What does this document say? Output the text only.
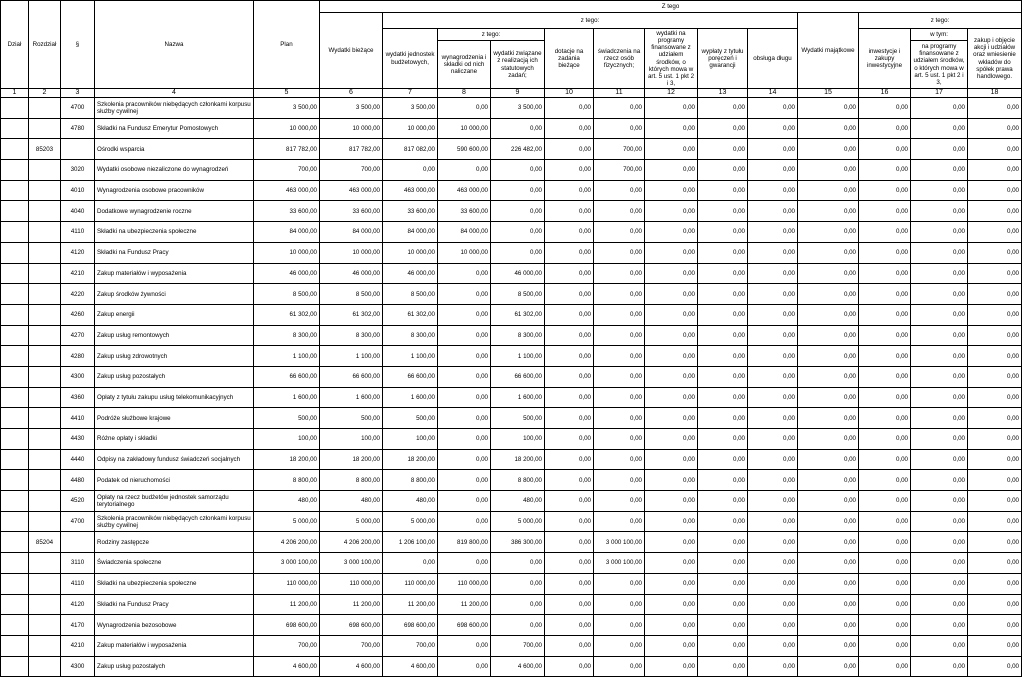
Dział	Rozdział	§	Nazwa	Plan	Z tego												
					Wydatki bieżące	z tego:								Wydatki majątkowe	z tego:		
						wydatki jednostek budżetowych,	z tego:		dotacje na zadania bieżące	świadczenia na rzecz osób fizycznych;	wydatki na programy finansowane z udziałem środków, o których mowa w art. 5 ust. 1 pkt 2 i 3,	wypłaty z tytułu poręczeń i gwarancji	obsługa długu		inwestycje i zakupy inwestycyjne	w tym:	zakup i objęcie akcji i udziałów oraz wniesienie wkładów do spółek prawa handlowego.
							wynagrodzenia i składki od nich naliczane	wydatki związane z realizacją ich statutowych zadań;								na programy finansowane z udziałem środków, o których mowa w art. 5 ust. 1 pkt 2 i 3,	
1	2	3	4	5	6	7	8	9	10	11	12	13	14	15	16	17	18
		4700	Szkolenia pracowników niebędących członkami korpusu służby cywilnej	3 500,00	3 500,00	3 500,00	0,00	3 500,00	0,00	0,00	0,00	0,00	0,00	0,00	0,00	0,00	0,00
		4780	Składki na Fundusz Emerytur Pomostowych	10 000,00	10 000,00	10 000,00	10 000,00	0,00	0,00	0,00	0,00	0,00	0,00	0,00	0,00	0,00	0,00
	85203		Ośrodki wsparcia	817 782,00	817 782,00	817 082,00	590 600,00	226 482,00	0,00	700,00	0,00	0,00	0,00	0,00	0,00	0,00	0,00
		3020	Wydatki osobowe niezaliczone do wynagrodzeń	700,00	700,00	0,00	0,00	0,00	0,00	700,00	0,00	0,00	0,00	0,00	0,00	0,00	0,00
		4010	Wynagrodzenia osobowe pracowników	463 000,00	463 000,00	463 000,00	463 000,00	0,00	0,00	0,00	0,00	0,00	0,00	0,00	0,00	0,00	0,00
		4040	Dodatkowe wynagrodzenie roczne	33 600,00	33 600,00	33 600,00	33 600,00	0,00	0,00	0,00	0,00	0,00	0,00	0,00	0,00	0,00	0,00
		4110	Składki na ubezpieczenia społeczne	84 000,00	84 000,00	84 000,00	84 000,00	0,00	0,00	0,00	0,00	0,00	0,00	0,00	0,00	0,00	0,00
		4120	Składki na Fundusz Pracy	10 000,00	10 000,00	10 000,00	10 000,00	0,00	0,00	0,00	0,00	0,00	0,00	0,00	0,00	0,00	0,00
		4210	Zakup materiałów i wyposażenia	46 000,00	46 000,00	46 000,00	0,00	46 000,00	0,00	0,00	0,00	0,00	0,00	0,00	0,00	0,00	0,00
		4220	Zakup środków żywności	8 500,00	8 500,00	8 500,00	0,00	8 500,00	0,00	0,00	0,00	0,00	0,00	0,00	0,00	0,00	0,00
		4260	Zakup energii	61 302,00	61 302,00	61 302,00	0,00	61 302,00	0,00	0,00	0,00	0,00	0,00	0,00	0,00	0,00	0,00
		4270	Zakup usług remontowych	8 300,00	8 300,00	8 300,00	0,00	8 300,00	0,00	0,00	0,00	0,00	0,00	0,00	0,00	0,00	0,00
		4280	Zakup usług zdrowotnych	1 100,00	1 100,00	1 100,00	0,00	1 100,00	0,00	0,00	0,00	0,00	0,00	0,00	0,00	0,00	0,00
		4300	Zakup usług pozostałych	66 600,00	66 600,00	66 600,00	0,00	66 600,00	0,00	0,00	0,00	0,00	0,00	0,00	0,00	0,00	0,00
		4360	Opłaty z tytułu zakupu usług telekomunikacyjnych	1 600,00	1 600,00	1 600,00	0,00	1 600,00	0,00	0,00	0,00	0,00	0,00	0,00	0,00	0,00	0,00
		4410	Podróże służbowe krajowe	500,00	500,00	500,00	0,00	500,00	0,00	0,00	0,00	0,00	0,00	0,00	0,00	0,00	0,00
		4430	Różne opłaty i składki	100,00	100,00	100,00	0,00	100,00	0,00	0,00	0,00	0,00	0,00	0,00	0,00	0,00	0,00
		4440	Odpisy na zakładowy fundusz świadczeń socjalnych	18 200,00	18 200,00	18 200,00	0,00	18 200,00	0,00	0,00	0,00	0,00	0,00	0,00	0,00	0,00	0,00
		4480	Podatek od nieruchomości	8 800,00	8 800,00	8 800,00	0,00	8 800,00	0,00	0,00	0,00	0,00	0,00	0,00	0,00	0,00	0,00
		4520	Opłaty na rzecz budżetów jednostek samorządu terytorialnego	480,00	480,00	480,00	0,00	480,00	0,00	0,00	0,00	0,00	0,00	0,00	0,00	0,00	0,00
		4700	Szkolenia pracowników niebędących członkami korpusu służby cywilnej	5 000,00	5 000,00	5 000,00	0,00	5 000,00	0,00	0,00	0,00	0,00	0,00	0,00	0,00	0,00	0,00
	85204		Rodziny zastępcze	4 206 200,00	4 206 200,00	1 206 100,00	819 800,00	386 300,00	0,00	3 000 100,00	0,00	0,00	0,00	0,00	0,00	0,00	0,00
		3110	Świadczenia społeczne	3 000 100,00	3 000 100,00	0,00	0,00	0,00	0,00	3 000 100,00	0,00	0,00	0,00	0,00	0,00	0,00	0,00
		4110	Składki na ubezpieczenia społeczne	110 000,00	110 000,00	110 000,00	110 000,00	0,00	0,00	0,00	0,00	0,00	0,00	0,00	0,00	0,00	0,00
		4120	Składki na Fundusz Pracy	11 200,00	11 200,00	11 200,00	11 200,00	0,00	0,00	0,00	0,00	0,00	0,00	0,00	0,00	0,00	0,00
		4170	Wynagrodzenia bezosobowe	698 600,00	698 600,00	698 600,00	698 600,00	0,00	0,00	0,00	0,00	0,00	0,00	0,00	0,00	0,00	0,00
		4210	Zakup materiałów i wyposażenia	700,00	700,00	700,00	0,00	700,00	0,00	0,00	0,00	0,00	0,00	0,00	0,00	0,00	0,00
		4300	Zakup usług pozostałych	4 600,00	4 600,00	4 600,00	0,00	4 600,00	0,00	0,00	0,00	0,00	0,00	0,00	0,00	0,00	0,00
